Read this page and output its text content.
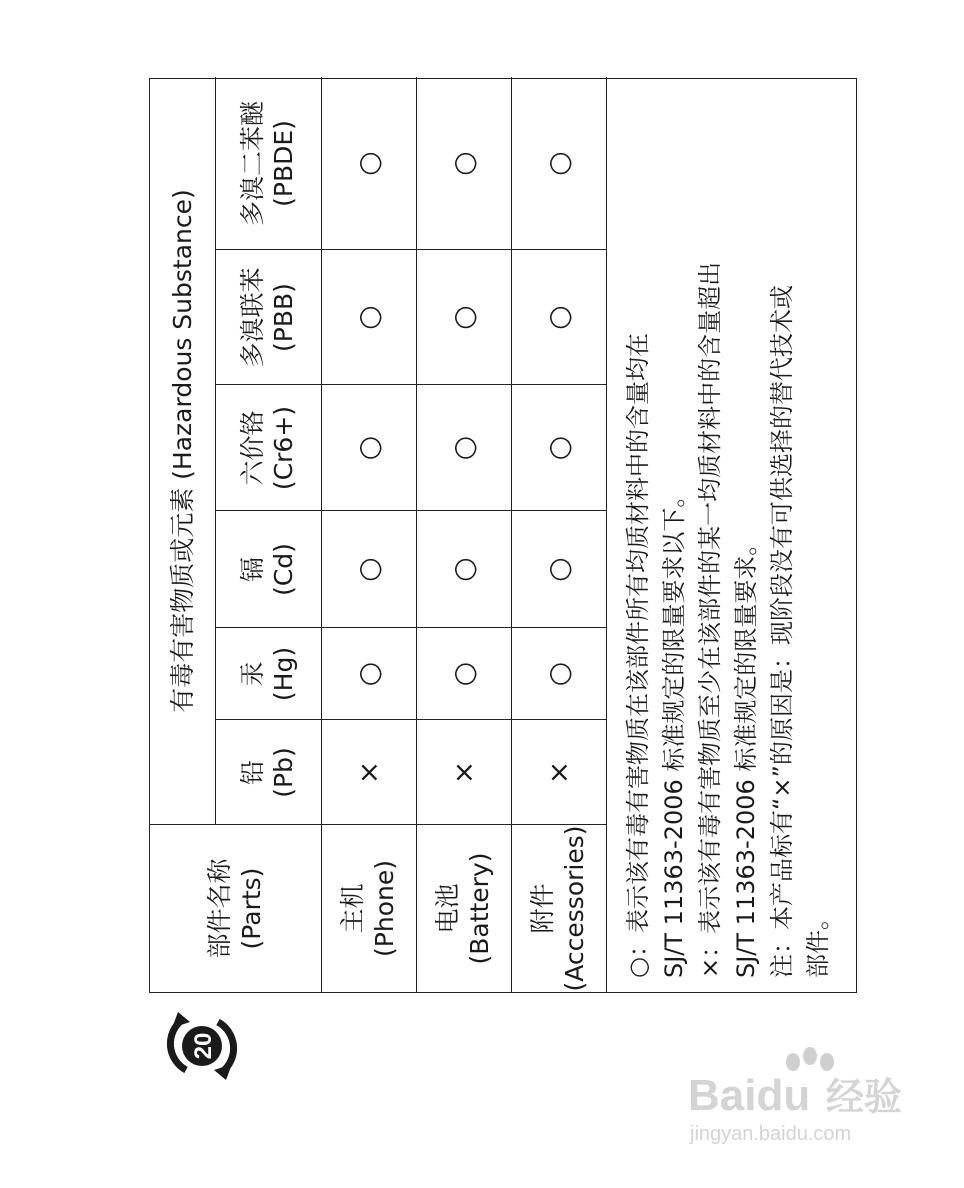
部件名称 (Parts)
有毒有害物质或元素 (Hazardous Substance)
铅 (Pb)
汞 (Hg)
镉 (Cd)
六价铬 (Cr6+)
多溴联苯 (PBB)
多溴二苯醚 (PBDE)
主机 (Phone)
×
○
○
○
○
○
电池 (Battery)
×
○
○
○
○
○
附件 (Accessories)
×
○
○
○
○
○
○：表示该有毒有害物质在该部件所有均质材料中的含量均在 SJ/T 11363-2006 标准规定的限量要求以下。 ×：表示该有毒有害物质至少在该部件的某一均质材料中的含量超出 SJ/T 11363-2006 标准规定的限量要求。 注：本产品标有“×”的原因是：现阶段没有可供选择的替代技术或 部件。
20
Baidu 经验
jingyan.baidu.com
